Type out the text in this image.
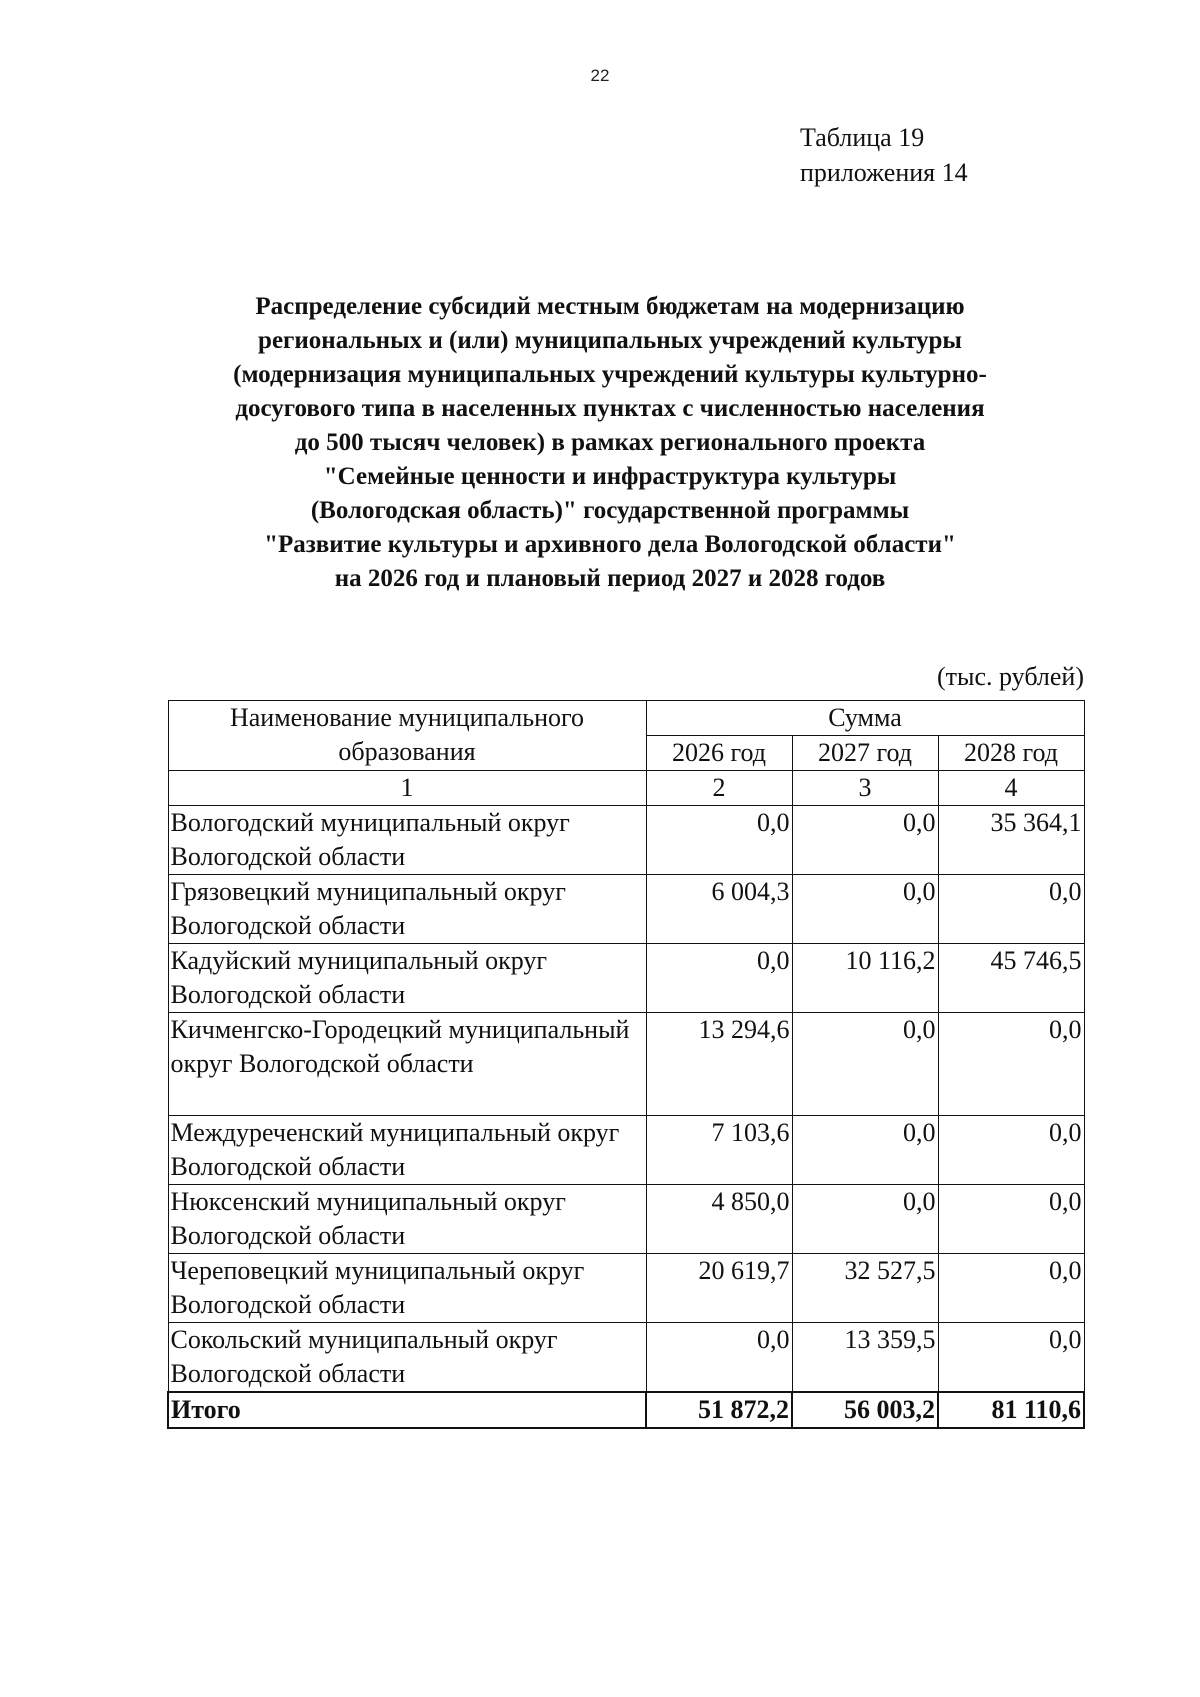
22
Таблица 19
приложения 14
Распределение субсидий местным бюджетам на модернизацию
региональных и (или) муниципальных учреждений культуры
(модернизация муниципальных учреждений культуры культурно-
досугового типа в населенных пунктах с численностью населения
до 500 тысяч человек) в рамках регионального проекта
"Семейные ценности и инфраструктура культуры
(Вологодская область)" государственной программы
"Развитие культуры и архивного дела Вологодской области"
на 2026 год и плановый период 2027 и 2028 годов
(тыс. рублей)
Наименование муниципального образования	Сумма		
	2026 год	2027 год	2028 год
1	2	3	4
Вологодский муниципальный округ Вологодской области	0,0	0,0	35 364,1
Грязовецкий муниципальный округ Вологодской области	6 004,3	0,0	0,0
Кадуйский муниципальный округ Вологодской области	0,0	10 116,2	45 746,5
Кичменгско-Городецкий муниципальный округ Вологодской области	13 294,6	0,0	0,0
Междуреченский муниципальный округ Вологодской области	7 103,6	0,0	0,0
Нюксенский муниципальный округ Вологодской области	4 850,0	0,0	0,0
Череповецкий муниципальный округ Вологодской области	20 619,7	32 527,5	0,0
Сокольский муниципальный округ Вологодской области	0,0	13 359,5	0,0
Итого	51 872,2	56 003,2	81 110,6
